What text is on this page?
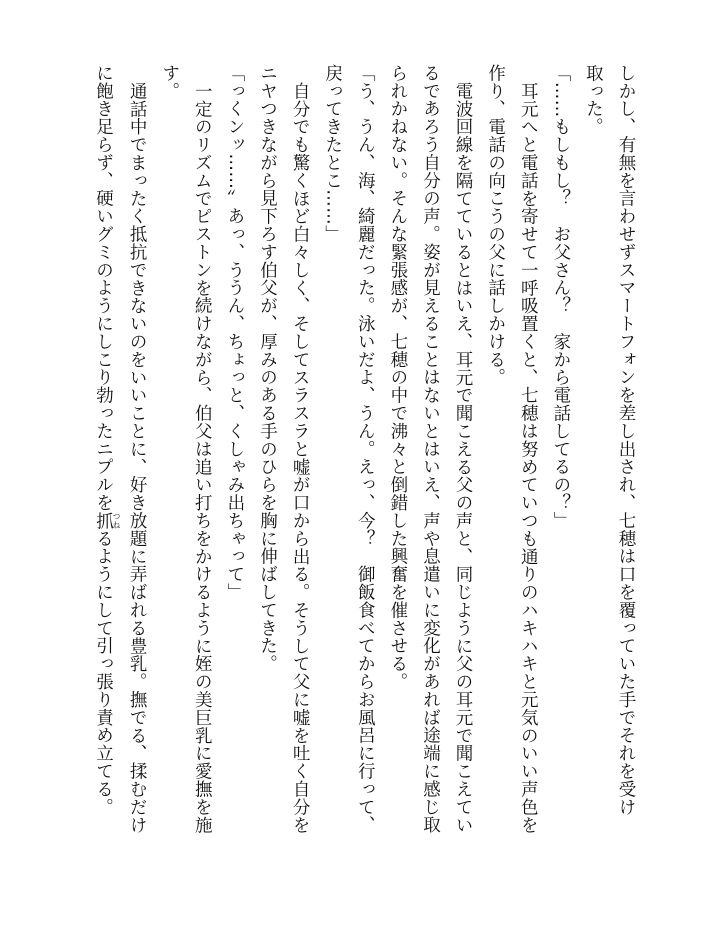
しかし、有無を言わせずスマートフォンを差し出され、七穂は口を覆っていた手でそれを受け

取った。

「……もしもし？　お父さん？　家から電話してるの？」

耳元へと電話を寄せて一呼吸置くと、七穂は努めていつも通りのハキハキと元気のいい声色を

作り、電話の向こうの父に話しかける。

電波回線を隔てているとはいえ、耳元で聞こえる父の声と、同じように父の耳元で聞こえてい

るであろう自分の声。姿が見えることはないとはいえ、声や息遣いに変化があれば途端に感じ取

られかねない。そんな緊張感が、七穂の中で沸々と倒錯した興奮を催させる。

「う、うん、海、綺麗だった。泳いだよ、うん。えっ、今？　御飯食べてからお風呂に行って、

戻ってきたとこ……」

自分でも驚くほど白々しく、そしてスラスラと嘘が口から出る。そうして父に嘘を吐く自分を

ニヤつきながら見下ろす伯父が、厚みのある手のひらを胸に伸ばしてきた。

「っくンッ……〟あっ、ううん、ちょっと、くしゃみ出ちゃって」

一定のリズムでピストンを続けながら、伯父は追い打ちをかけるように姪の美巨乳に愛撫を施

す。

通話中でまったく抵抗できないのをいいことに、好き放題に弄ばれる豊乳。撫でる、揉むだけ

に飽き足らず、硬いグミのようにしこり勃ったニプルを抓つねるようにして引っ張り責め立てる。
